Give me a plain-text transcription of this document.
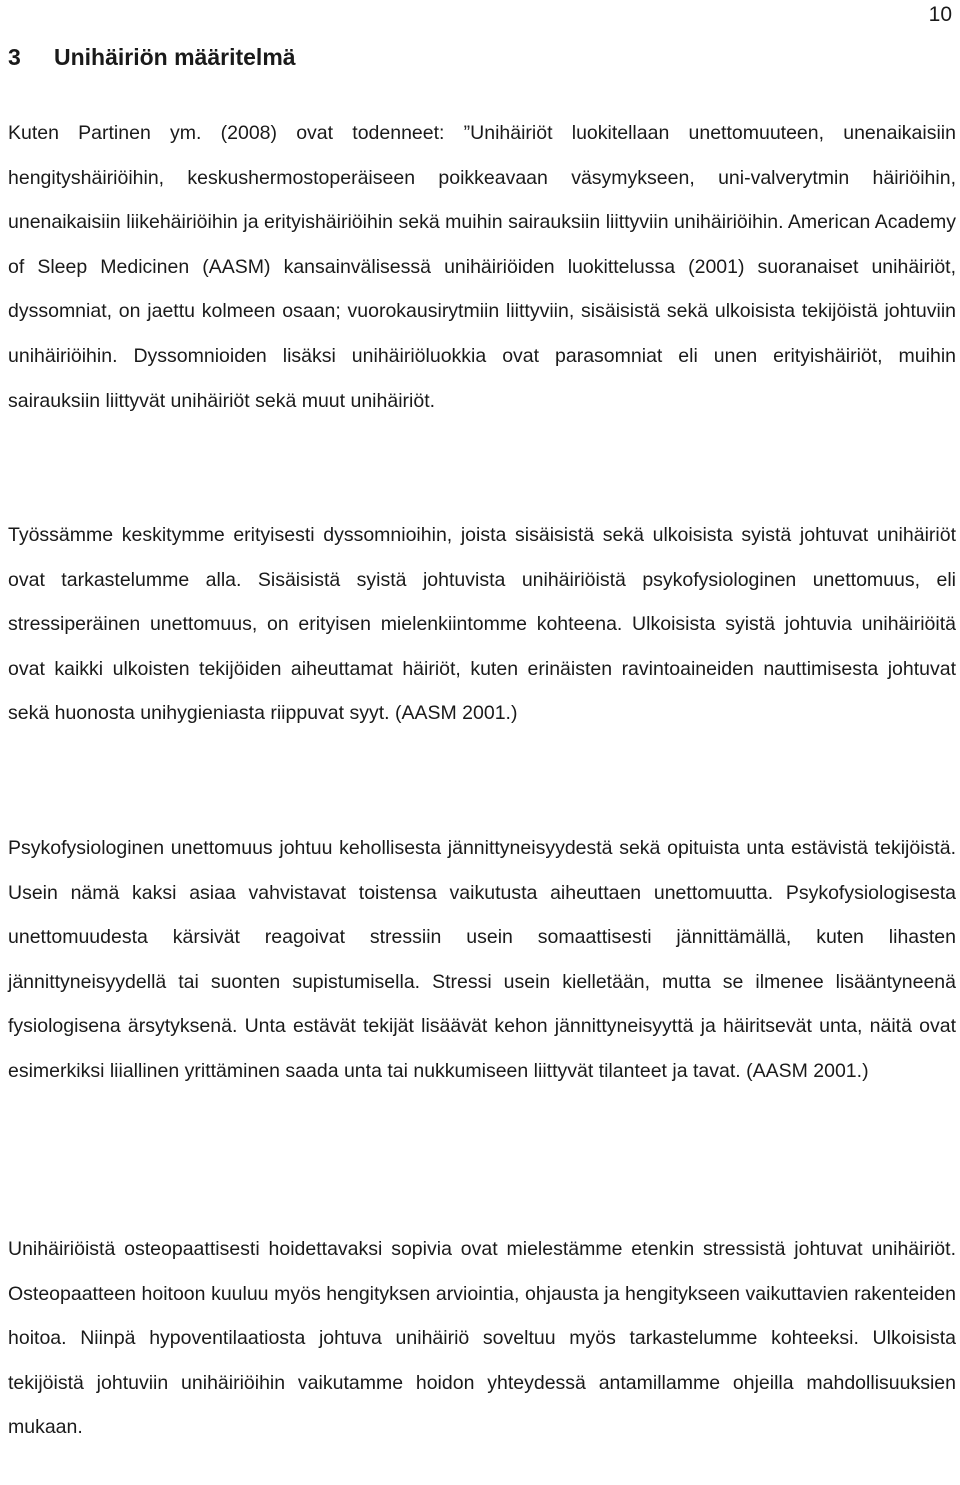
10
3 Unihäiriön määritelmä

Kuten Partinen ym. (2008) ovat todenneet: ”Unihäiriöt luokitellaan unettomuuteen, unenaikaisiin hengityshäiriöihin, keskushermostoperäiseen poikkeavaan väsymykseen, uni-valverytmin häiriöihin, unenaikaisiin liikehäiriöihin ja erityishäiriöihin sekä muihin sairauksiin liittyviin unihäiriöihin. American Academy of Sleep Medicinen (AASM) kansainvälisessä unihäiriöiden luokittelussa (2001) suoranaiset unihäiriöt, dyssomniat, on jaettu kolmeen osaan; vuorokausirytmiin liittyviin, sisäisistä sekä ulkoisista tekijöistä johtuviin unihäiriöihin. Dyssomnioiden lisäksi unihäiriöluokkia ovat parasomniat eli unen erityishäiriöt, muihin sairauksiin liittyvät unihäiriöt sekä muut unihäiriöt.

Työssämme keskitymme erityisesti dyssomnioihin, joista sisäisistä sekä ulkoisista syistä johtuvat unihäiriöt ovat tarkastelumme alla. Sisäisistä syistä johtuvista unihäiriöistä psykofysiologinen unettomuus, eli stressiperäinen unettomuus, on erityisen mielenkiintomme kohteena. Ulkoisista syistä johtuvia unihäiriöitä ovat kaikki ulkoisten tekijöiden aiheuttamat häiriöt, kuten erinäisten ravintoaineiden nauttimisesta johtuvat sekä huonosta unihygieniasta riippuvat syyt. (AASM 2001.)

Psykofysiologinen unettomuus johtuu kehollisesta jännittyneisyydestä sekä opituista unta estävistä tekijöistä. Usein nämä kaksi asiaa vahvistavat toistensa vaikutusta aiheuttaen unettomuutta. Psykofysiologisesta unettomuudesta kärsivät reagoivat stressiin usein somaattisesti jännittämällä, kuten lihasten jännittyneisyydellä tai suonten supistumisella. Stressi usein kielletään, mutta se ilmenee lisääntyneenä fysiologisena ärsytyksenä. Unta estävät tekijät lisäävät kehon jännittyneisyyttä ja häiritsevät unta, näitä ovat esimerkiksi liiallinen yrittäminen saada unta tai nukkumiseen liittyvät tilanteet ja tavat. (AASM 2001.)

Unihäiriöistä osteopaattisesti hoidettavaksi sopivia ovat mielestämme etenkin stressistä johtuvat unihäiriöt. Osteopaatteen hoitoon kuuluu myös hengityksen arviointia, ohjausta ja hengitykseen vaikuttavien rakenteiden hoitoa. Niinpä hypoventilaatiosta johtuva unihäiriö soveltuu myös tarkastelumme kohteeksi. Ulkoisista tekijöistä johtuviin unihäiriöihin vaikutamme hoidon yhteydessä antamillamme ohjeilla mahdollisuuksien mukaan.
